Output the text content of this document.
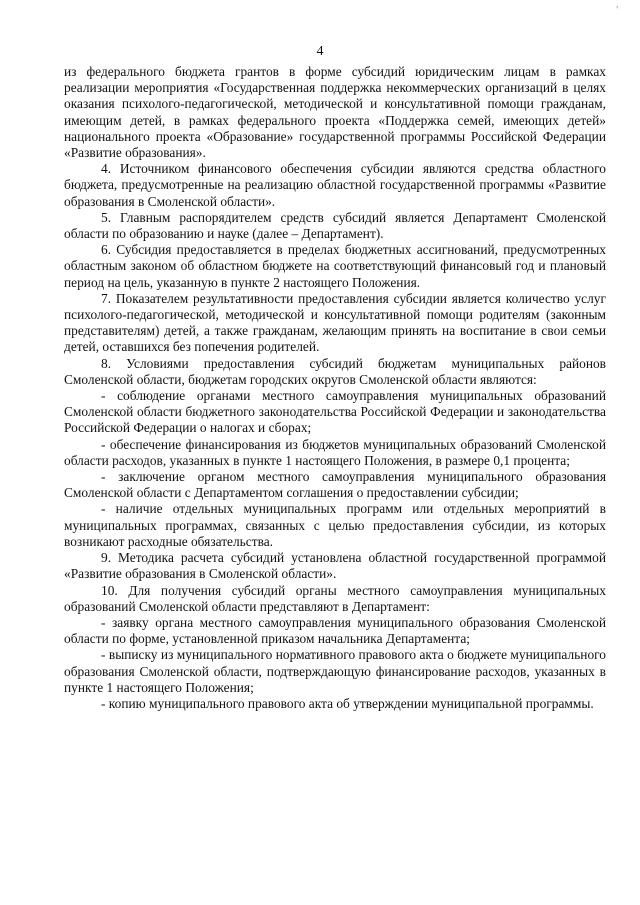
'
4

из федерального бюджета грантов в форме субсидий юридическим лицам в рамках реализации мероприятия «Государственная поддержка некоммерческих организаций в целях оказания психолого-педагогической, методической и консультативной помощи гражданам, имеющим детей, в рамках федерального проекта «Поддержка семей, имеющих детей» национального проекта «Образование» государственной программы Российской Федерации «Развитие образования».

4. Источником финансового обеспечения субсидии являются средства областного бюджета, предусмотренные на реализацию областной государственной программы «Развитие образования в Смоленской области».

5. Главным распорядителем средств субсидий является Департамент Смоленской области по образованию и науке (далее – Департамент).

6. Субсидия предоставляется в пределах бюджетных ассигнований, предусмотренных областным законом об областном бюджете на соответствующий финансовый год и плановый период на цель, указанную в пункте 2 настоящего Положения.

7. Показателем результативности предоставления субсидии является количество услуг психолого-педагогической, методической и консультативной помощи родителям (законным представителям) детей, а также гражданам, желающим принять на воспитание в свои семьи детей, оставшихся без попечения родителей.

8. Условиями предоставления субсидий бюджетам муниципальных районов Смоленской области, бюджетам городских округов Смоленской области являются:

- соблюдение органами местного самоуправления муниципальных образований Смоленской области бюджетного законодательства Российской Федерации и законодательства Российской Федерации о налогах и сборах;

- обеспечение финансирования из бюджетов муниципальных образований Смоленской области расходов, указанных в пункте 1 настоящего Положения, в размере 0,1 процента;

- заключение органом местного самоуправления муниципального образования Смоленской области с Департаментом соглашения о предоставлении субсидии;

- наличие отдельных муниципальных программ или отдельных мероприятий в муниципальных программах, связанных с целью предоставления субсидии, из которых возникают расходные обязательства.

9. Методика расчета субсидий установлена областной государственной программой «Развитие образования в Смоленской области».

10. Для получения субсидий органы местного самоуправления муниципальных образований Смоленской области представляют в Департамент:

- заявку органа местного самоуправления муниципального образования Смоленской области по форме, установленной приказом начальника Департамента;

- выписку из муниципального нормативного правового акта о бюджете муниципального образования Смоленской области, подтверждающую финансирование расходов, указанных в пункте 1 настоящего Положения;

- копию муниципального правового акта об утверждении муниципальной программы.
